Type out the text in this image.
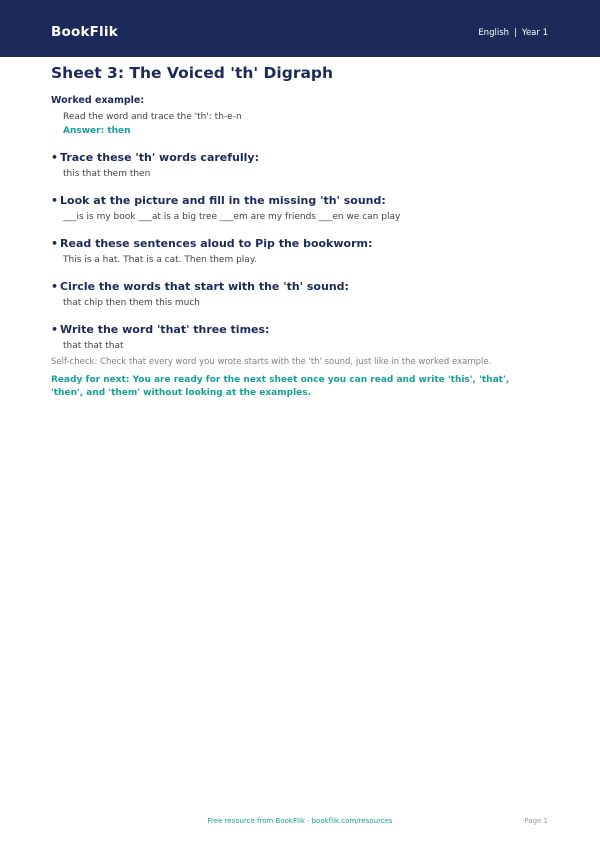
BookFlik	English | Year 1
Sheet 3: The Voiced 'th' Digraph

Worked example:

Read the word and trace the 'th': th-e-n

Answer: then

• Trace these 'th' words carefully:

this that them then

• Look at the picture and fill in the missing 'th' sound:

___is is my book ___at is a big tree ___em are my friends ___en we can play

• Read these sentences aloud to Pip the bookworm:

This is a hat. That is a cat. Then them play.

• Circle the words that start with the 'th' sound:

that chip then them this much

• Write the word 'that' three times:

that that that

Self-check: Check that every word you wrote starts with the 'th' sound, just like in the worked example.

Ready for next: You are ready for the next sheet once you can read and write 'this', 'that', 'then', and 'them' without looking at the examples.

Free resource from BookFlik · bookflik.com/resources	Page 1
